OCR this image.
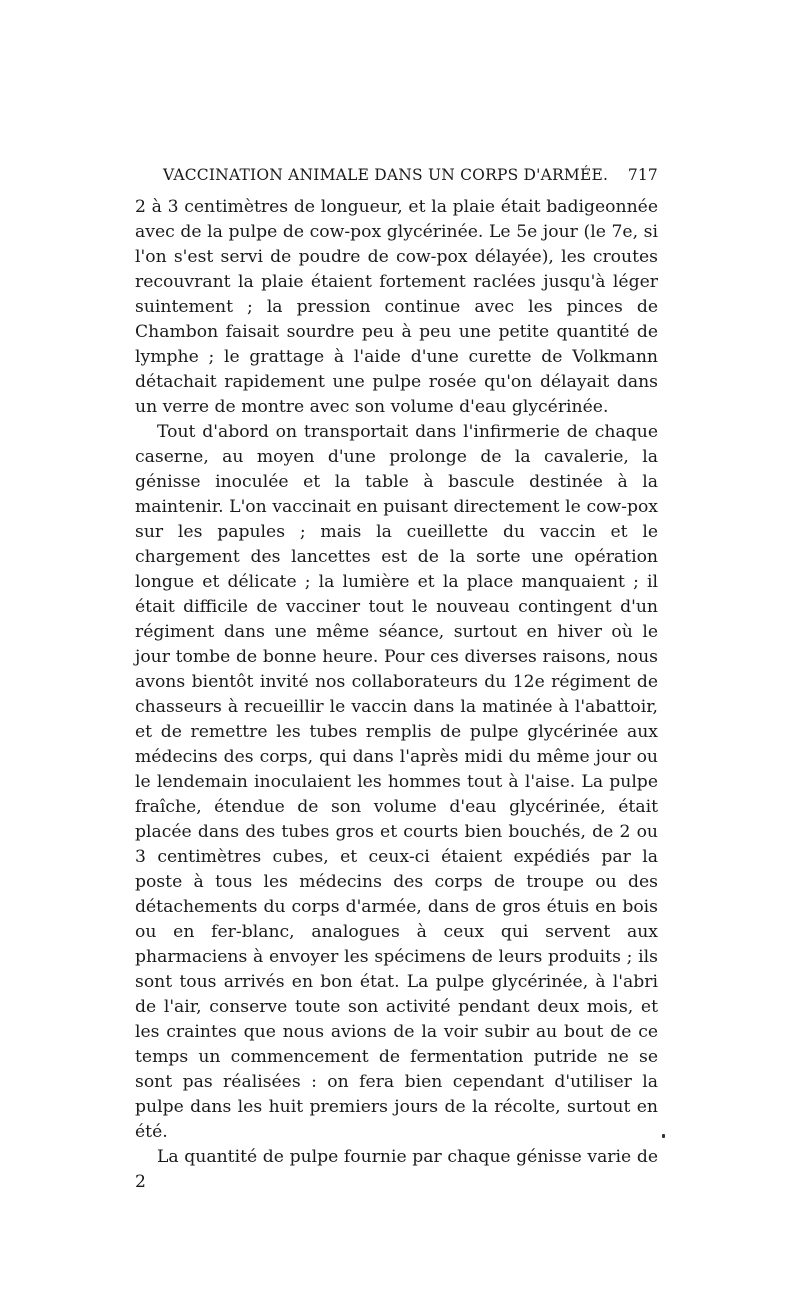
VACCINATION ANIMALE DANS UN CORPS D'ARMÉE. 717

2 à 3 centimètres de longueur, et la plaie était badigeonnée avec de la pulpe de cow-pox glycérinée. Le 5e jour (le 7e, si l'on s'est servi de poudre de cow-pox délayée), les croutes recouvrant la plaie étaient fortement raclées jusqu'à léger suintement ; la pression continue avec les pinces de Chambon faisait sourdre peu à peu une petite quantité de lymphe ; le grattage à l'aide d'une curette de Volkmann détachait rapidement une pulpe rosée qu'on délayait dans un verre de montre avec son volume d'eau glycérinée.

Tout d'abord on transportait dans l'infirmerie de chaque caserne, au moyen d'une prolonge de la cavalerie, la génisse inoculée et la table à bascule destinée à la maintenir. L'on vaccinait en puisant directement le cow-pox sur les papules ; mais la cueillette du vaccin et le chargement des lancettes est de la sorte une opération longue et délicate ; la lumière et la place manquaient ; il était difficile de vacciner tout le nouveau contingent d'un régiment dans une même séance, surtout en hiver où le jour tombe de bonne heure. Pour ces diverses raisons, nous avons bientôt invité nos collaborateurs du 12e régiment de chasseurs à recueillir le vaccin dans la matinée à l'abattoir, et de remettre les tubes remplis de pulpe glycérinée aux médecins des corps, qui dans l'après midi du même jour ou le lendemain inoculaient les hommes tout à l'aise. La pulpe fraîche, étendue de son volume d'eau glycérinée, était placée dans des tubes gros et courts bien bouchés, de 2 ou 3 centimètres cubes, et ceux-ci étaient expédiés par la poste à tous les médecins des corps de troupe ou des détachements du corps d'armée, dans de gros étuis en bois ou en fer-blanc, analogues à ceux qui servent aux pharmaciens à envoyer les spécimens de leurs produits ; ils sont tous arrivés en bon état. La pulpe glycérinée, à l'abri de l'air, conserve toute son activité pendant deux mois, et les craintes que nous avions de la voir subir au bout de ce temps un commencement de fermentation putride ne se sont pas réalisées : on fera bien cependant d'utiliser la pulpe dans les huit premiers jours de la récolte, surtout en été.

La quantité de pulpe fournie par chaque génisse varie de 2
